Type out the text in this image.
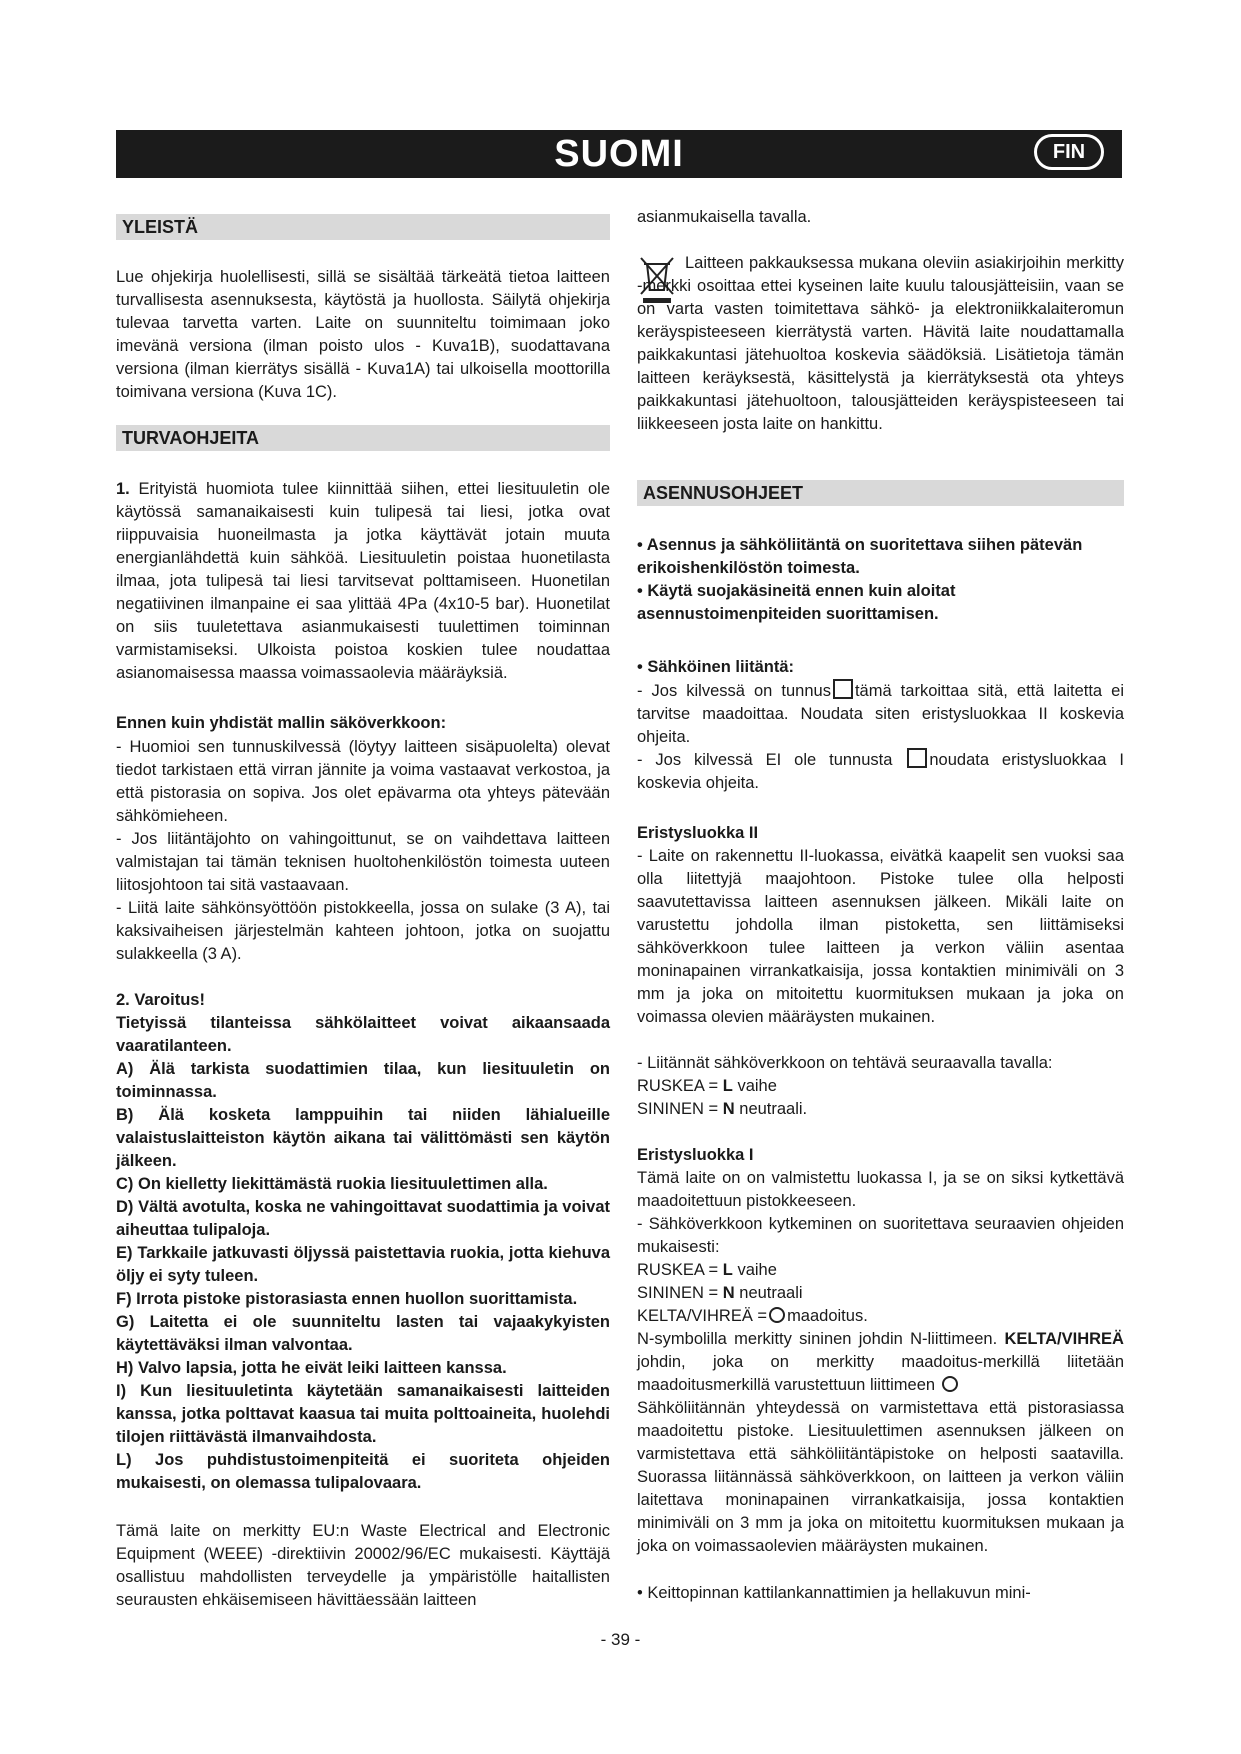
SUOMI	FIN
YLEISTÄ
Lue ohjekirja huolellisesti, sillä se sisältää tärkeätä tietoa laitteen turvallisesta asennuksesta, käytöstä ja huollosta. Säilytä ohjekirja tulevaa tarvetta varten. Laite on suunniteltu toimimaan joko imevänä versiona (ilman poisto ulos - Kuva1B), suodattavana versiona (ilman kierrätys sisällä - Kuva1A) tai ulkoisella moottorilla toimivana versiona (Kuva 1C).
TURVAOHJEITA
1. Erityistä huomiota tulee kiinnittää siihen, ettei liesituuletin ole käytössä samanaikaisesti kuin tulipesä tai liesi, jotka ovat riippuvaisia huoneilmasta ja jotka käyttävät jotain muuta energianlähdettä kuin sähköä. Liesituuletin poistaa huonetilasta ilmaa, jota tulipesä tai liesi tarvitsevat polttamiseen. Huonetilan negatiivinen ilmanpaine ei saa ylittää 4Pa (4x10-5 bar). Huonetilat on siis tuuletettava asianmukaisesti tuulettimen toiminnan varmistamiseksi. Ulkoista poistoa koskien tulee noudattaa asianomaisessa maassa voimassaolevia määräyksiä.
Ennen kuin yhdistät mallin säköverkkoon:
- Huomioi sen tunnuskilvessä (löytyy laitteen sisäpuolelta) olevat tiedot tarkistaen että virran jännite ja voima vastaavat verkostoa, ja että pistorasia on sopiva. Jos olet epävarma ota yhteys pätevään sähkömieheen.
- Jos liitäntäjohto on vahingoittunut, se on vaihdettava laitteen valmistajan tai tämän teknisen huoltohenkilöstön toimesta uuteen liitosjohtoon tai sitä vastaavaan.
- Liitä laite sähkönsyöttöön pistokkeella, jossa on sulake (3 A), tai kaksivaiheisen järjestelmän kahteen johtoon, jotka on suojattu sulakkeella (3 A).
2. Varoitus!
Tietyissä tilanteissa sähkölaitteet voivat aikaansaada vaaratilanteen.

A) Älä tarkista suodattimien tilaa, kun liesituuletin on toiminnassa.

B) Älä kosketa lamppuihin tai niiden lähialueille valaistuslaitteiston käytön aikana tai välittömästi sen käytön jälkeen.

C) On kielletty liekittämästä ruokia liesituulettimen alla.

D) Vältä avotulta, koska ne vahingoittavat suodattimia ja voivat aiheuttaa tulipaloja.

E) Tarkkaile jatkuvasti öljyssä paistettavia ruokia, jotta kiehuva öljy ei syty tuleen.

F) Irrota pistoke pistorasiasta ennen huollon suorittamista.

G) Laitetta ei ole suunniteltu lasten tai vajaakykyisten käytettäväksi ilman valvontaa.

H) Valvo lapsia, jotta he eivät leiki laitteen kanssa.

I) Kun liesituuletinta käytetään samanaikaisesti laitteiden kanssa, jotka polttavat kaasua tai muita polttoaineita, huolehdi tilojen riittävästä ilmanvaihdosta.

L) Jos puhdistustoimenpiteitä ei suoriteta ohjeiden mukaisesti, on olemassa tulipalovaara.

Tämä laite on merkitty EU:n Waste Electrical and Electronic Equipment (WEEE) -direktiivin 20002/96/EC mukaisesti. Käyttäjä osallistuu mahdollisten terveydelle ja ympäristölle haitallisten seurausten ehkäisemiseen hävittäessään laitteen
asianmukaisella tavalla.
Laitteen pakkauksessa mukana oleviin asiakirjoihin merkitty -merkki osoittaa ettei kyseinen laite kuulu talousjätteisiin, vaan se on varta vasten toimitettava sähkö- ja elektroniikkalaiteromun keräyspisteeseen kierrätystä varten. Hävitä laite noudattamalla paikkakuntasi jätehuoltoa koskevia säädöksiä. Lisätietoja tämän laitteen keräyksestä, käsittelystä ja kierrätyksestä ota yhteys paikkakuntasi jätehuoltoon, talousjätteiden keräyspisteeseen tai liikkeeseen josta laite on hankittu.
ASENNUSOHJEET
• Asennus ja sähköliitäntä on suoritettava siihen pätevän erikoishenkilöstön toimesta.
• Käytä suojakäsineitä ennen kuin aloitat asennustoimenpiteiden suorittamisen.
• Sähköinen liitäntä:
- Jos kilvessä on tunnus tämä tarkoittaa sitä, että laitetta ei tarvitse maadoittaa. Noudata siten eristysluokkaa II koskevia ohjeita.
- Jos kilvessä EI ole tunnusta noudata eristysluokkaa I koskevia ohjeita.
Eristysluokka II
- Laite on rakennettu II-luokassa, eivätkä kaapelit sen vuoksi saa olla liitettyjä maajohtoon. Pistoke tulee olla helposti saavutettavissa laitteen asennuksen jälkeen. Mikäli laite on varustettu johdolla ilman pistoketta, sen liittämiseksi sähköverkkoon tulee laitteen ja verkon väliin asentaa moninapainen virrankatkaisija, jossa kontaktien minimiväli on 3 mm ja joka on mitoitettu kuormituksen mukaan ja joka on voimassa olevien määräysten mukainen.
- Liitännät sähköverkkoon on tehtävä seuraavalla tavalla:
RUSKEA = L vaihe
SININEN = N neutraali.
Eristysluokka I
Tämä laite on on valmistettu luokassa I, ja se on siksi kytkettävä maadoitettuun pistokkeeseen.
- Sähköverkkoon kytkeminen on suoritettava seuraavien ohjeiden mukaisesti:
RUSKEA = L vaihe
SININEN = N neutraali
KELTA/VIHREÄ = maadoitus.
N-symbolilla merkitty sininen johdin N-liittimeen. KELTA/VIHREÄ johdin, joka on merkitty maadoitus-merkillä liitetään maadoitusmerkillä varustettuun liittimeen
Sähköliitännän yhteydessä on varmistettava että pistorasiassa maadoitettu pistoke. Liesituulettimen asennuksen jälkeen on varmistettava että sähköliitäntäpistoke on helposti saatavilla. Suorassa liitännässä sähköverkkoon, on laitteen ja verkon väliin laitettava moninapainen virrankatkaisija, jossa kontaktien minimiväli on 3 mm ja joka on mitoitettu kuormituksen mukaan ja joka on voimassaolevien määräysten mukainen.
• Keittopinnan kattilankannattimien ja hellakuvun mini-
- 39 -
